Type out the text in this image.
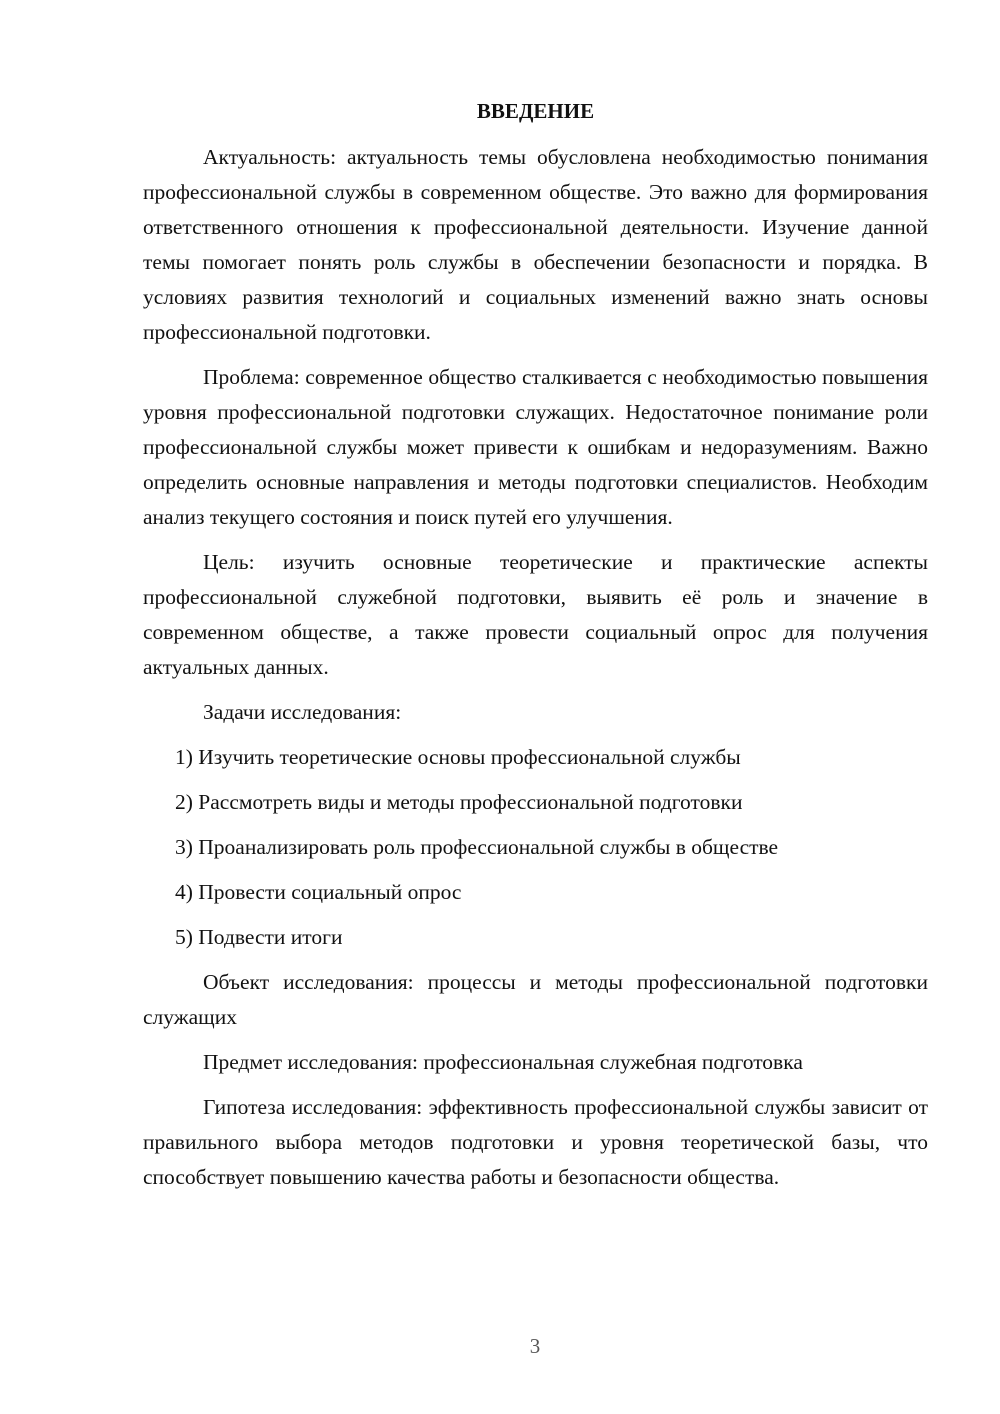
ВВЕДЕНИЕ

Актуальность: актуальность темы обусловлена необходимостью понимания профессиональной службы в современном обществе. Это важно для формирования ответственного отношения к профессиональной деятельности. Изучение данной темы помогает понять роль службы в обеспечении безопасности и порядка. В условиях развития технологий и социальных изменений важно знать основы профессиональной подготовки.

Проблема: современное общество сталкивается с необходимостью повышения уровня профессиональной подготовки служащих. Недостаточное понимание роли профессиональной службы может привести к ошибкам и недоразумениям. Важно определить основные направления и методы подготовки специалистов. Необходим анализ текущего состояния и поиск путей его улучшения.

Цель: изучить основные теоретические и практические аспекты профессиональной служебной подготовки, выявить её роль и значение в современном обществе, а также провести социальный опрос для получения актуальных данных.

Задачи исследования:

1) Изучить теоретические основы профессиональной службы
2) Рассмотреть виды и методы профессиональной подготовки
3) Проанализировать роль профессиональной службы в обществе
4) Провести социальный опрос
5) Подвести итоги

Объект исследования: процессы и методы профессиональной подготовки служащих

Предмет исследования: профессиональная служебная подготовка

Гипотеза исследования: эффективность профессиональной службы зависит от правильного выбора методов подготовки и уровня теоретической базы, что способствует повышению качества работы и безопасности общества.

3
